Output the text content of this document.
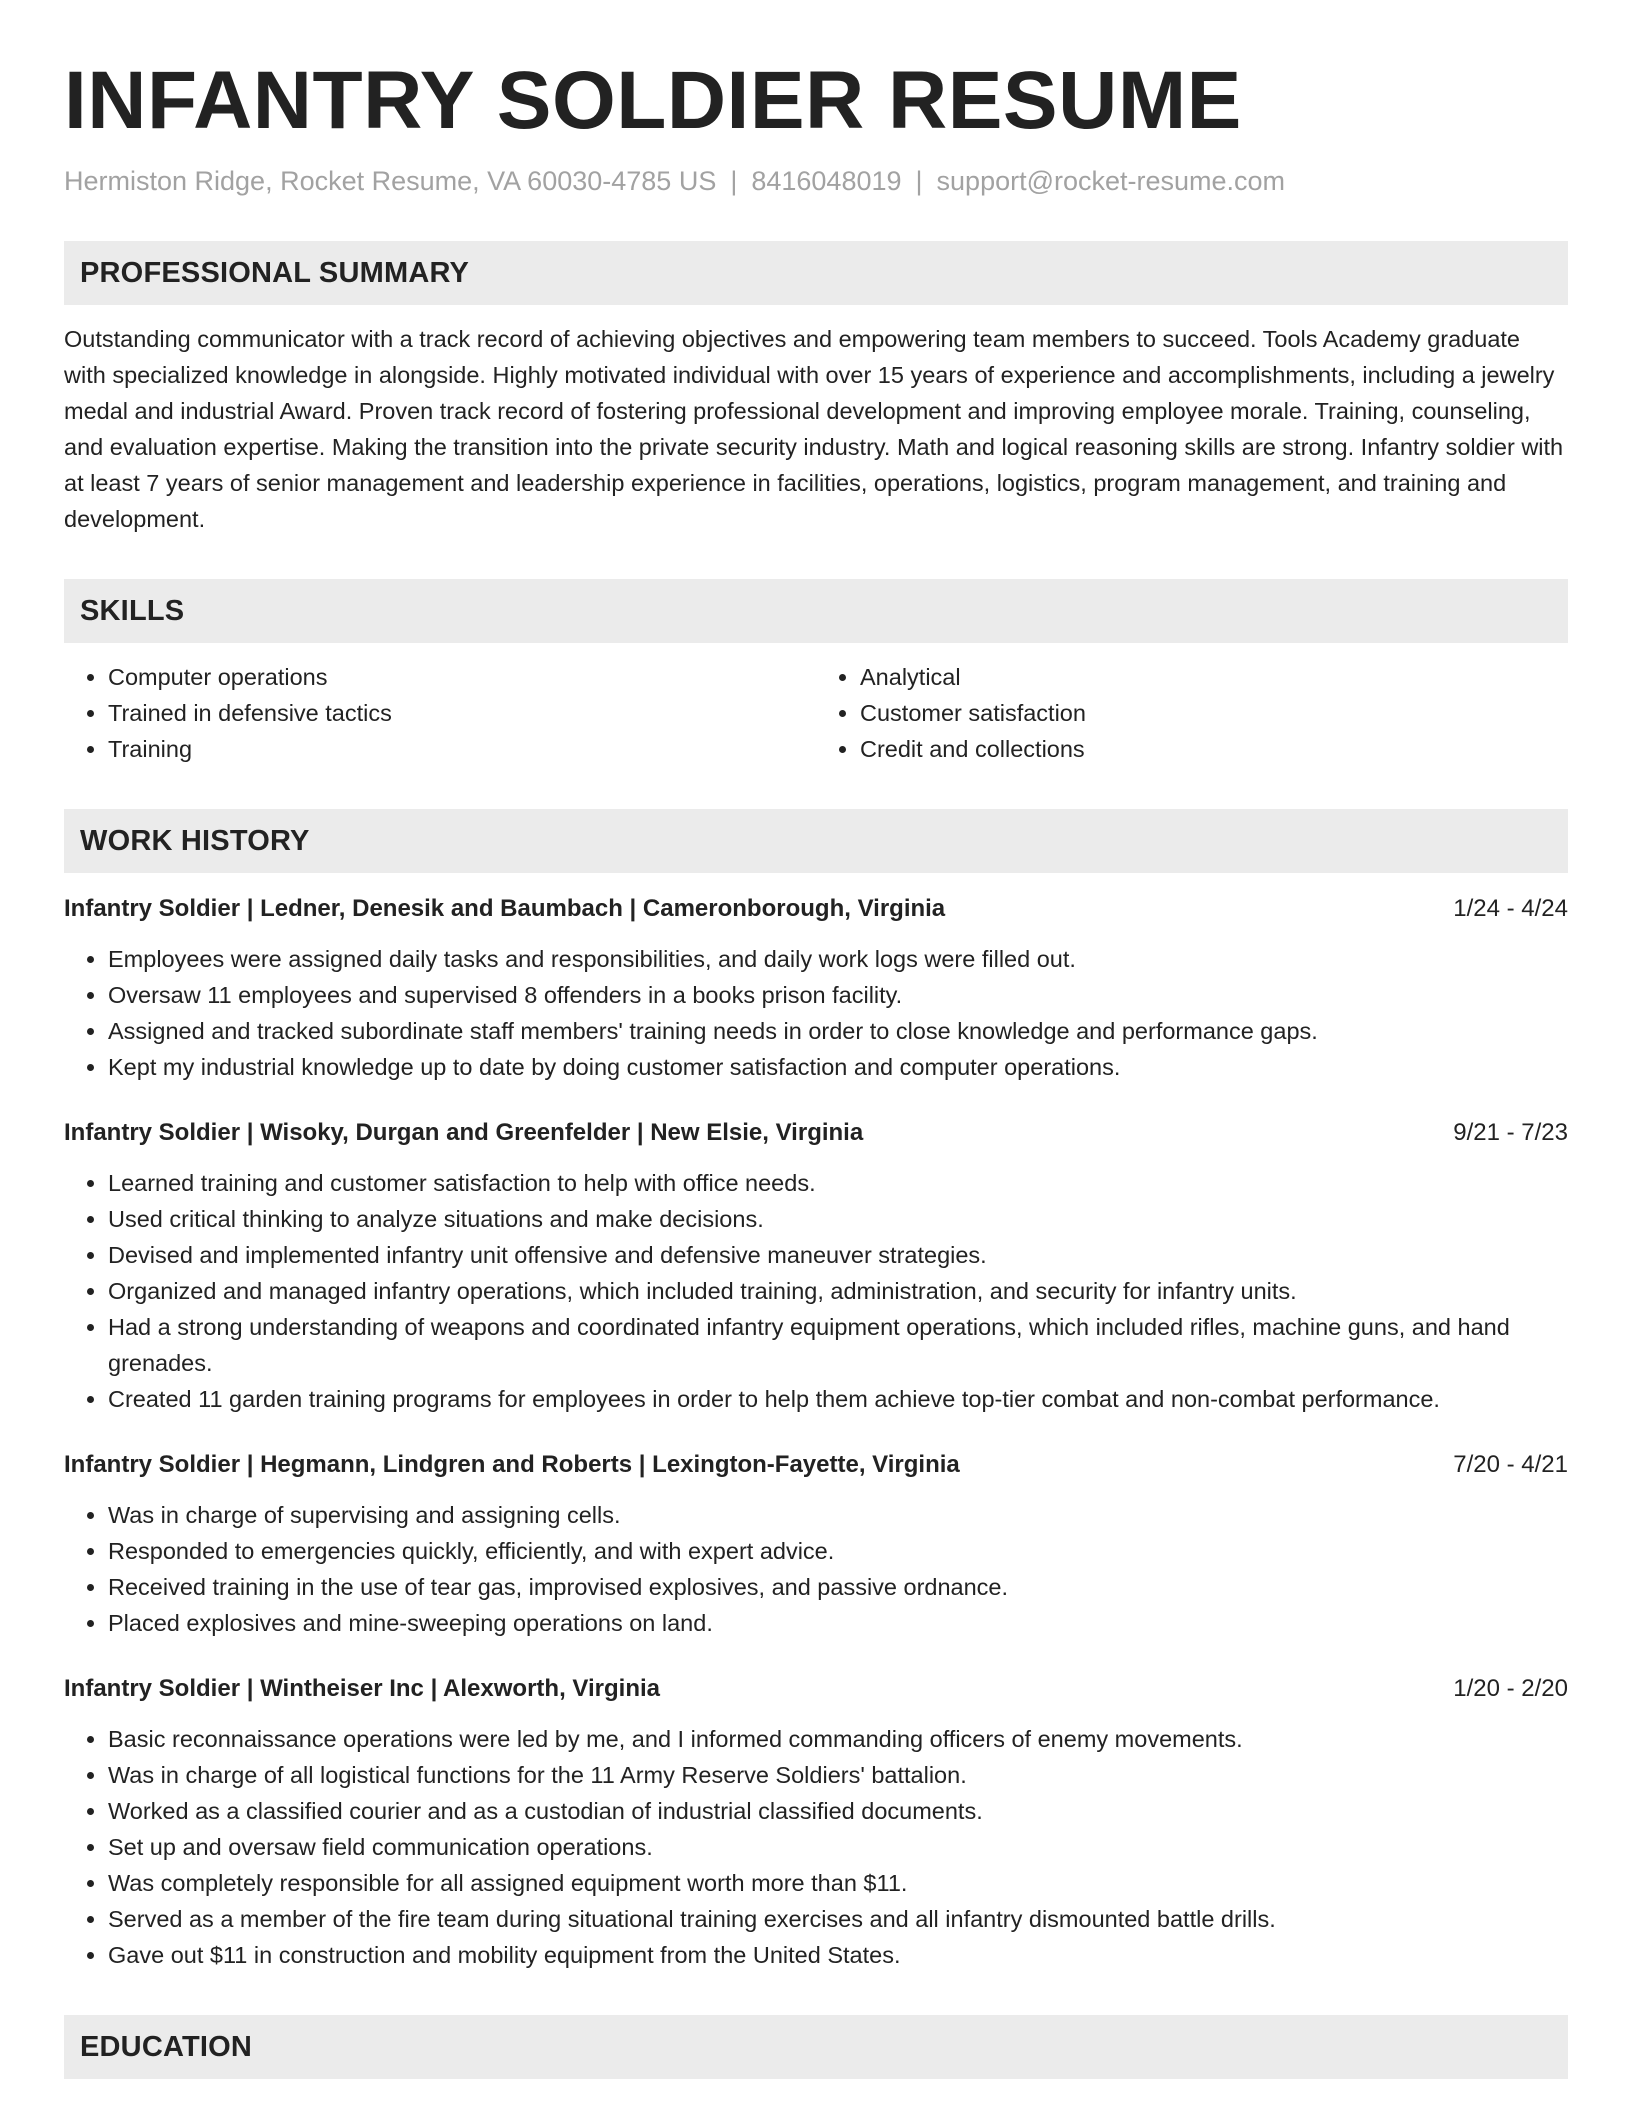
INFANTRY SOLDIER RESUME
Hermiston Ridge, Rocket Resume, VA 60030-4785 US | 8416048019 | support@rocket-resume.com
PROFESSIONAL SUMMARY
Outstanding communicator with a track record of achieving objectives and empowering team members to succeed. Tools Academy graduate with specialized knowledge in alongside. Highly motivated individual with over 15 years of experience and accomplishments, including a jewelry medal and industrial Award. Proven track record of fostering professional development and improving employee morale. Training, counseling, and evaluation expertise. Making the transition into the private security industry. Math and logical reasoning skills are strong. Infantry soldier with at least 7 years of senior management and leadership experience in facilities, operations, logistics, program management, and training and development.
SKILLS
• Computer operations
• Trained in defensive tactics
• Training
• Analytical
• Customer satisfaction
• Credit and collections
WORK HISTORY
Infantry Soldier | Ledner, Denesik and Baumbach | Cameronborough, Virginia	1/24 - 4/24
• Employees were assigned daily tasks and responsibilities, and daily work logs were filled out.
• Oversaw 11 employees and supervised 8 offenders in a books prison facility.
• Assigned and tracked subordinate staff members' training needs in order to close knowledge and performance gaps.
• Kept my industrial knowledge up to date by doing customer satisfaction and computer operations.
Infantry Soldier | Wisoky, Durgan and Greenfelder | New Elsie, Virginia	9/21 - 7/23
• Learned training and customer satisfaction to help with office needs.
• Used critical thinking to analyze situations and make decisions.
• Devised and implemented infantry unit offensive and defensive maneuver strategies.
• Organized and managed infantry operations, which included training, administration, and security for infantry units.
• Had a strong understanding of weapons and coordinated infantry equipment operations, which included rifles, machine guns, and hand grenades.
• Created 11 garden training programs for employees in order to help them achieve top-tier combat and non-combat performance.
Infantry Soldier | Hegmann, Lindgren and Roberts | Lexington-Fayette, Virginia	7/20 - 4/21
• Was in charge of supervising and assigning cells.
• Responded to emergencies quickly, efficiently, and with expert advice.
• Received training in the use of tear gas, improvised explosives, and passive ordnance.
• Placed explosives and mine-sweeping operations on land.
Infantry Soldier | Wintheiser Inc | Alexworth, Virginia	1/20 - 2/20
• Basic reconnaissance operations were led by me, and I informed commanding officers of enemy movements.
• Was in charge of all logistical functions for the 11 Army Reserve Soldiers' battalion.
• Worked as a classified courier and as a custodian of industrial classified documents.
• Set up and oversaw field communication operations.
• Was completely responsible for all assigned equipment worth more than $11.
• Served as a member of the fire team during situational training exercises and all infantry dismounted battle drills.
• Gave out $11 in construction and mobility equipment from the United States.
EDUCATION
